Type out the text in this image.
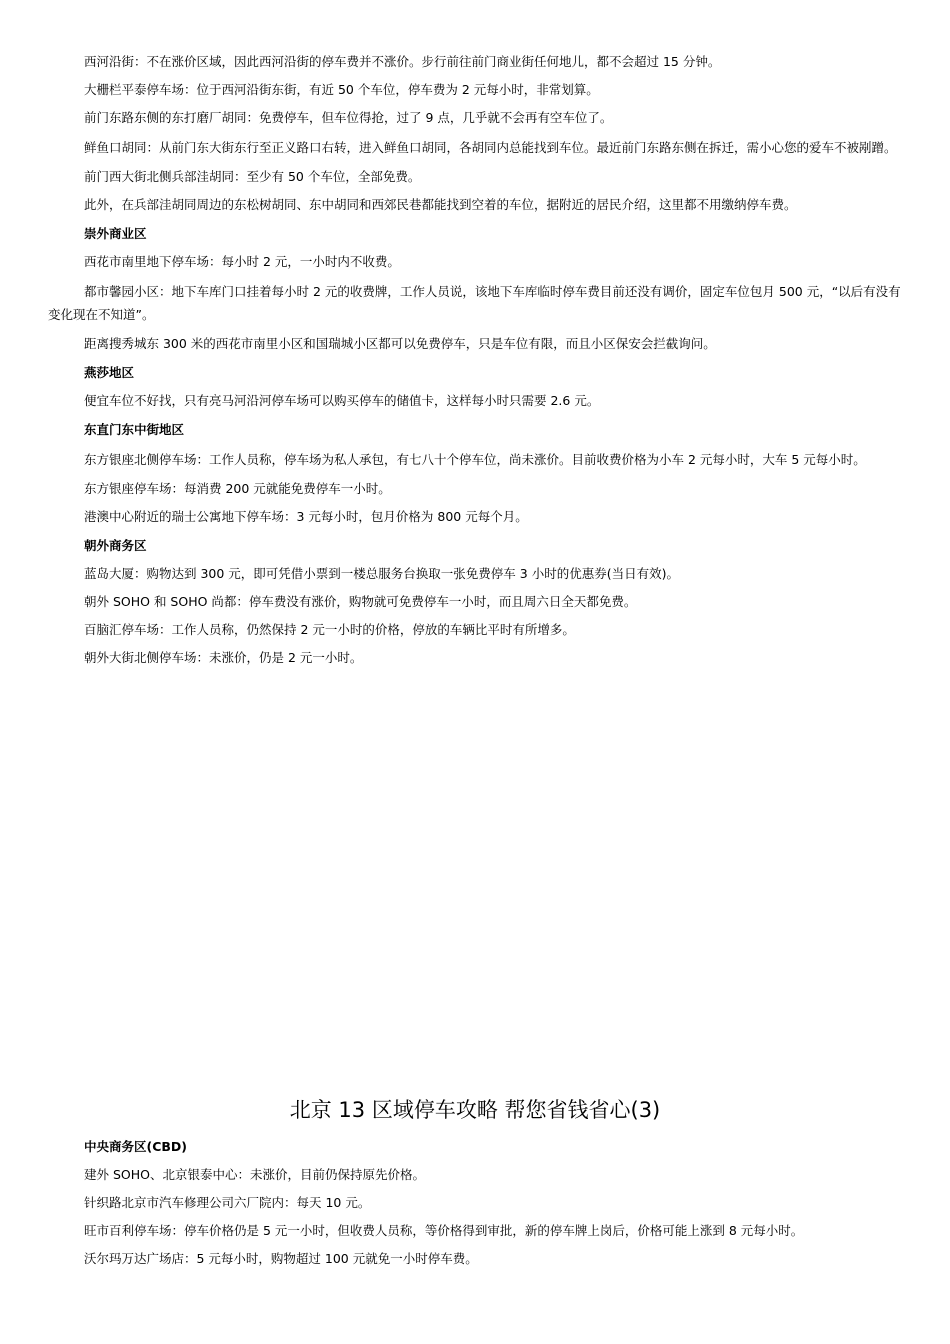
西河沿街：不在涨价区域，因此西河沿街的停车费并不涨价。步行前往前门商业街任何地儿，都不会超过 15 分钟。

大栅栏平泰停车场：位于西河沿街东街，有近 50 个车位，停车费为 2 元每小时，非常划算。

前门东路东侧的东打磨厂胡同：免费停车，但车位得抢，过了 9 点，几乎就不会再有空车位了。

鲜鱼口胡同：从前门东大街东行至正义路口右转，进入鲜鱼口胡同，各胡同内总能找到车位。最近前门东路东侧在拆迁，需小心您的爱车不被剐蹭。

前门西大街北侧兵部洼胡同：至少有 50 个车位，全部免费。

此外，在兵部洼胡同周边的东松树胡同、东中胡同和西郊民巷都能找到空着的车位，据附近的居民介绍，这里都不用缴纳停车费。

崇外商业区

西花市南里地下停车场：每小时 2 元，一小时内不收费。

都市馨园小区：地下车库门口挂着每小时 2 元的收费牌，工作人员说，该地下车库临时停车费目前还没有调价，固定车位包月 500 元，“以后有没有变化现在不知道”。

距离搜秀城东 300 米的西花市南里小区和国瑞城小区都可以免费停车，只是车位有限，而且小区保安会拦截询问。

燕莎地区

便宜车位不好找，只有亮马河沿河停车场可以购买停车的储值卡，这样每小时只需要 2.6 元。

东直门东中街地区

东方银座北侧停车场：工作人员称，停车场为私人承包，有七八十个停车位，尚未涨价。目前收费价格为小车 2 元每小时，大车 5 元每小时。

东方银座停车场：每消费 200 元就能免费停车一小时。

港澳中心附近的瑞士公寓地下停车场：3 元每小时，包月价格为 800 元每个月。

朝外商务区

蓝岛大厦：购物达到 300 元，即可凭借小票到一楼总服务台换取一张免费停车 3 小时的优惠券(当日有效)。

朝外 SOHO 和 SOHO 尚都：停车费没有涨价，购物就可免费停车一小时，而且周六日全天都免费。

百脑汇停车场：工作人员称，仍然保持 2 元一小时的价格，停放的车辆比平时有所增多。

朝外大街北侧停车场：未涨价，仍是 2 元一小时。

北京 13 区域停车攻略 帮您省钱省心(3)

中央商务区(CBD)

建外 SOHO、北京银泰中心：未涨价，目前仍保持原先价格。

针织路北京市汽车修理公司六厂院内：每天 10 元。

旺市百利停车场：停车价格仍是 5 元一小时，但收费人员称，等价格得到审批，新的停车牌上岗后，价格可能上涨到 8 元每小时。

沃尔玛万达广场店：5 元每小时，购物超过 100 元就免一小时停车费。
